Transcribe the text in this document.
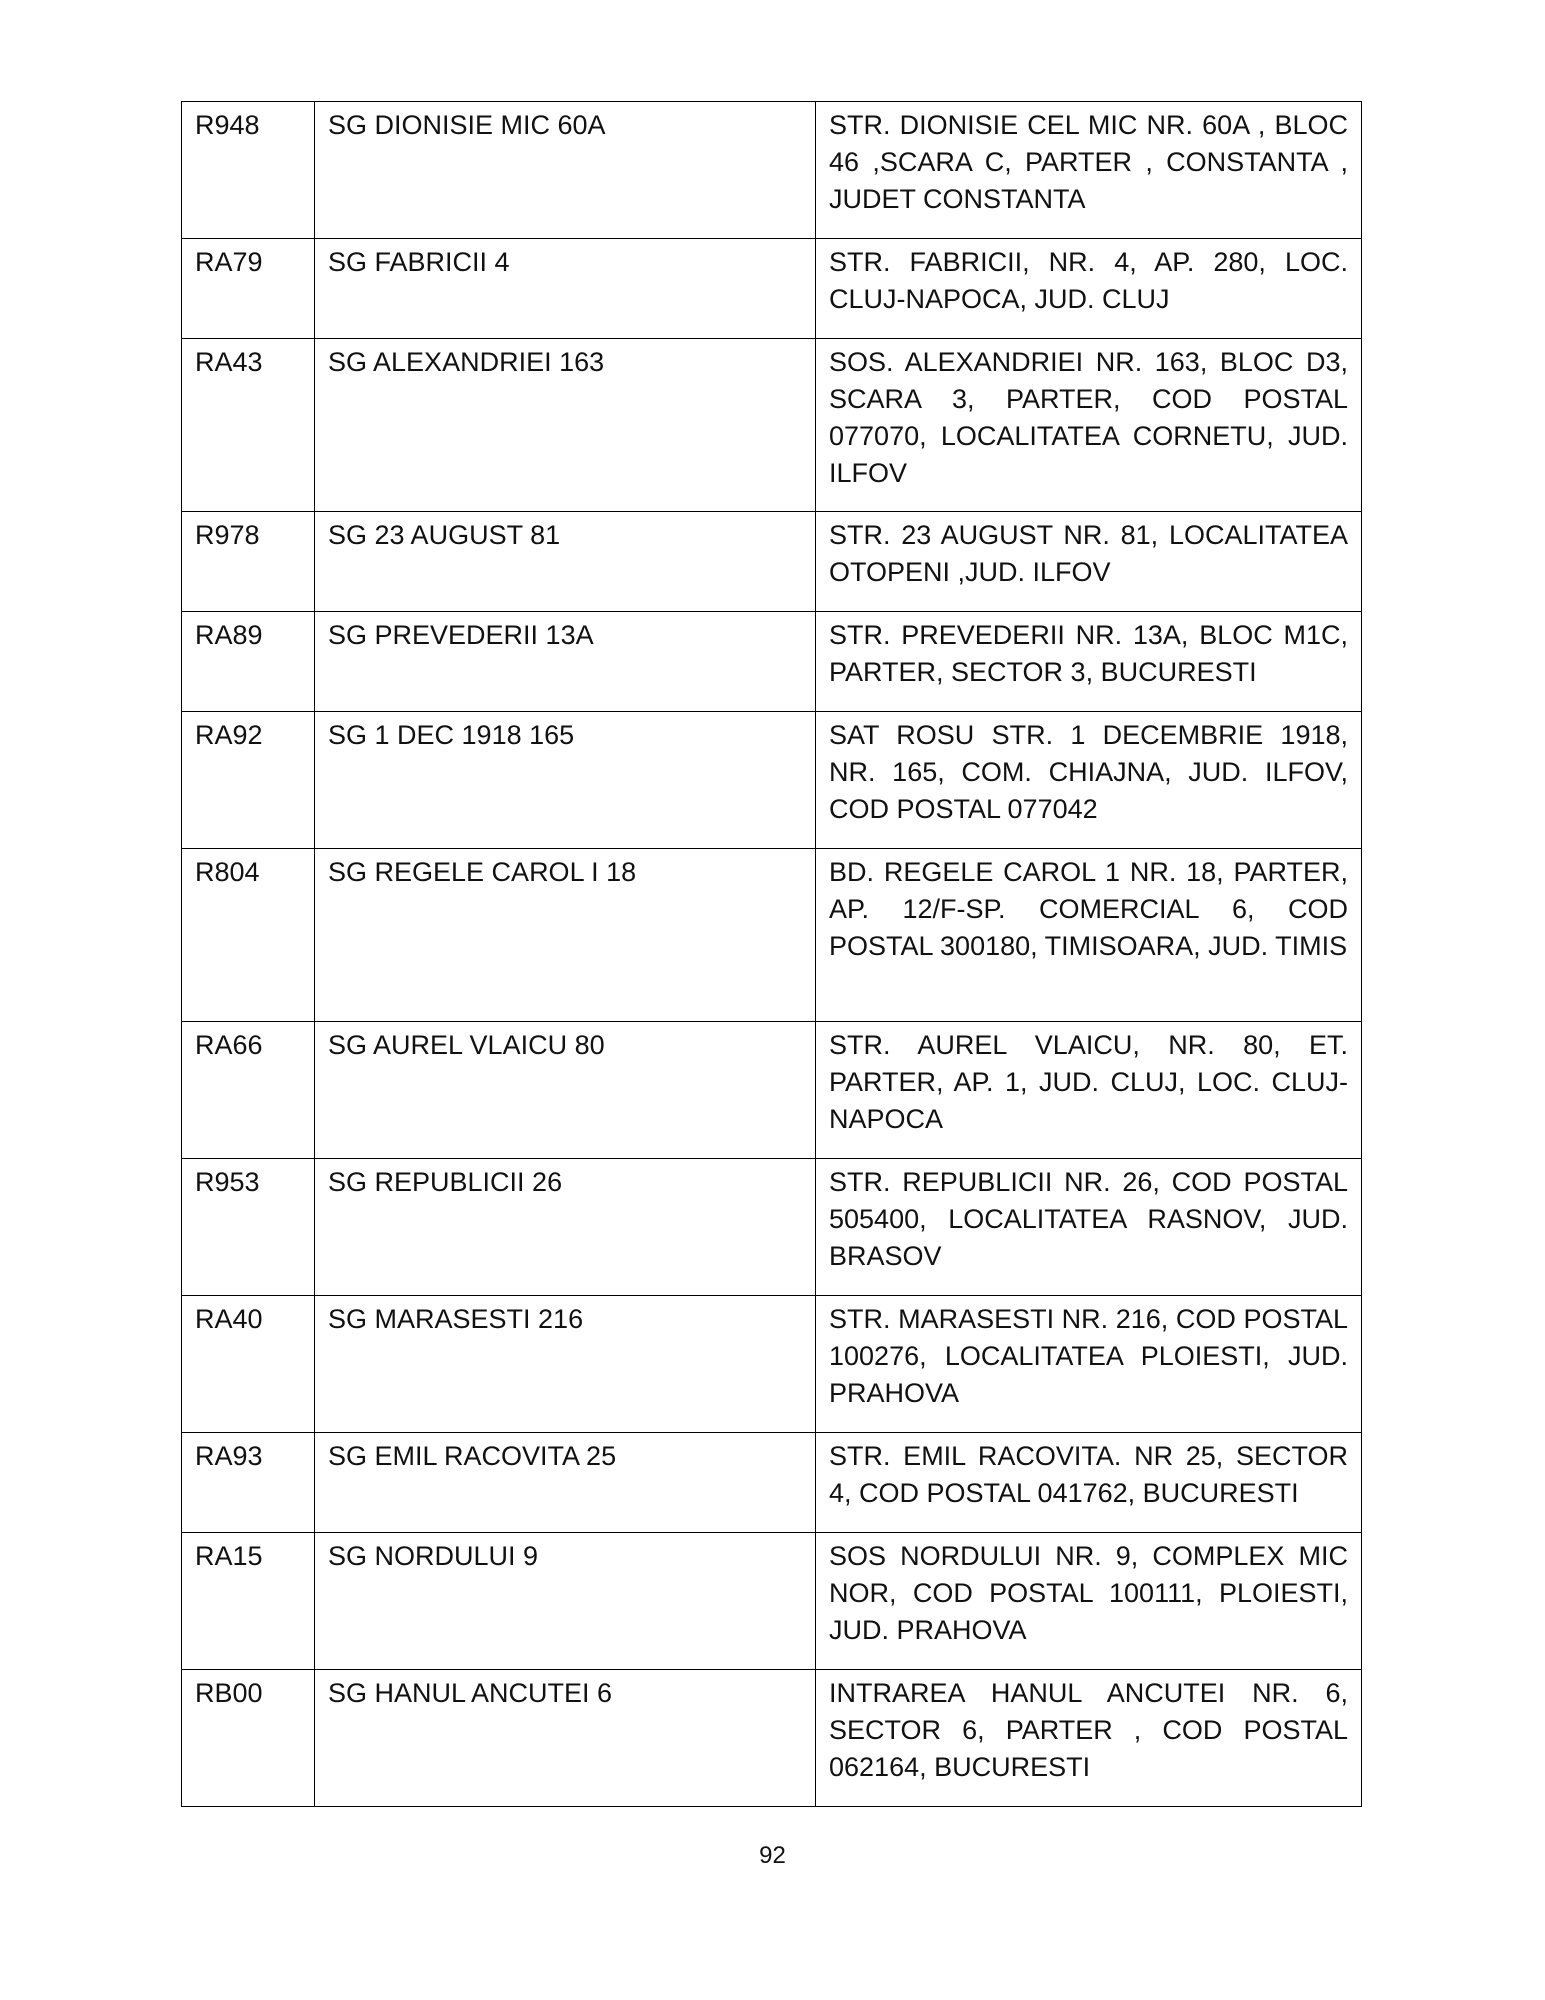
R948	SG DIONISIE MIC 60A	STR. DIONISIE CEL MIC NR. 60A , BLOC 46 ,SCARA C, PARTER , CONSTANTA , JUDET CONSTANTA
RA79	SG FABRICII 4	STR. FABRICII, NR. 4, AP. 280, LOC. CLUJ-NAPOCA, JUD. CLUJ
RA43	SG ALEXANDRIEI 163	SOS. ALEXANDRIEI NR. 163, BLOC D3, SCARA 3, PARTER, COD POSTAL 077070, LOCALITATEA CORNETU, JUD. ILFOV
R978	SG 23 AUGUST 81	STR. 23 AUGUST NR. 81, LOCALITATEA OTOPENI ,JUD. ILFOV
RA89	SG PREVEDERII 13A	STR. PREVEDERII NR. 13A, BLOC M1C, PARTER, SECTOR 3, BUCURESTI
RA92	SG 1 DEC 1918 165	SAT ROSU STR. 1 DECEMBRIE 1918, NR. 165, COM. CHIAJNA, JUD. ILFOV, COD POSTAL 077042
R804	SG REGELE CAROL I 18	BD. REGELE CAROL 1 NR. 18, PARTER, AP. 12/F-SP. COMERCIAL 6, COD POSTAL 300180, TIMISOARA, JUD. TIMIS
RA66	SG AUREL VLAICU 80	STR. AUREL VLAICU, NR. 80, ET. PARTER, AP. 1, JUD. CLUJ, LOC. CLUJ-NAPOCA
R953	SG REPUBLICII 26	STR. REPUBLICII NR. 26, COD POSTAL 505400, LOCALITATEA RASNOV, JUD. BRASOV
RA40	SG MARASESTI 216	STR. MARASESTI NR. 216, COD POSTAL 100276, LOCALITATEA PLOIESTI, JUD. PRAHOVA
RA93	SG EMIL RACOVITA 25	STR. EMIL RACOVITA. NR 25, SECTOR 4, COD POSTAL 041762, BUCURESTI
RA15	SG NORDULUI 9	SOS NORDULUI NR. 9, COMPLEX MIC NOR, COD POSTAL 100111, PLOIESTI, JUD. PRAHOVA
RB00	SG HANUL ANCUTEI 6	INTRAREA HANUL ANCUTEI NR. 6, SECTOR 6, PARTER , COD POSTAL 062164, BUCURESTI
92
